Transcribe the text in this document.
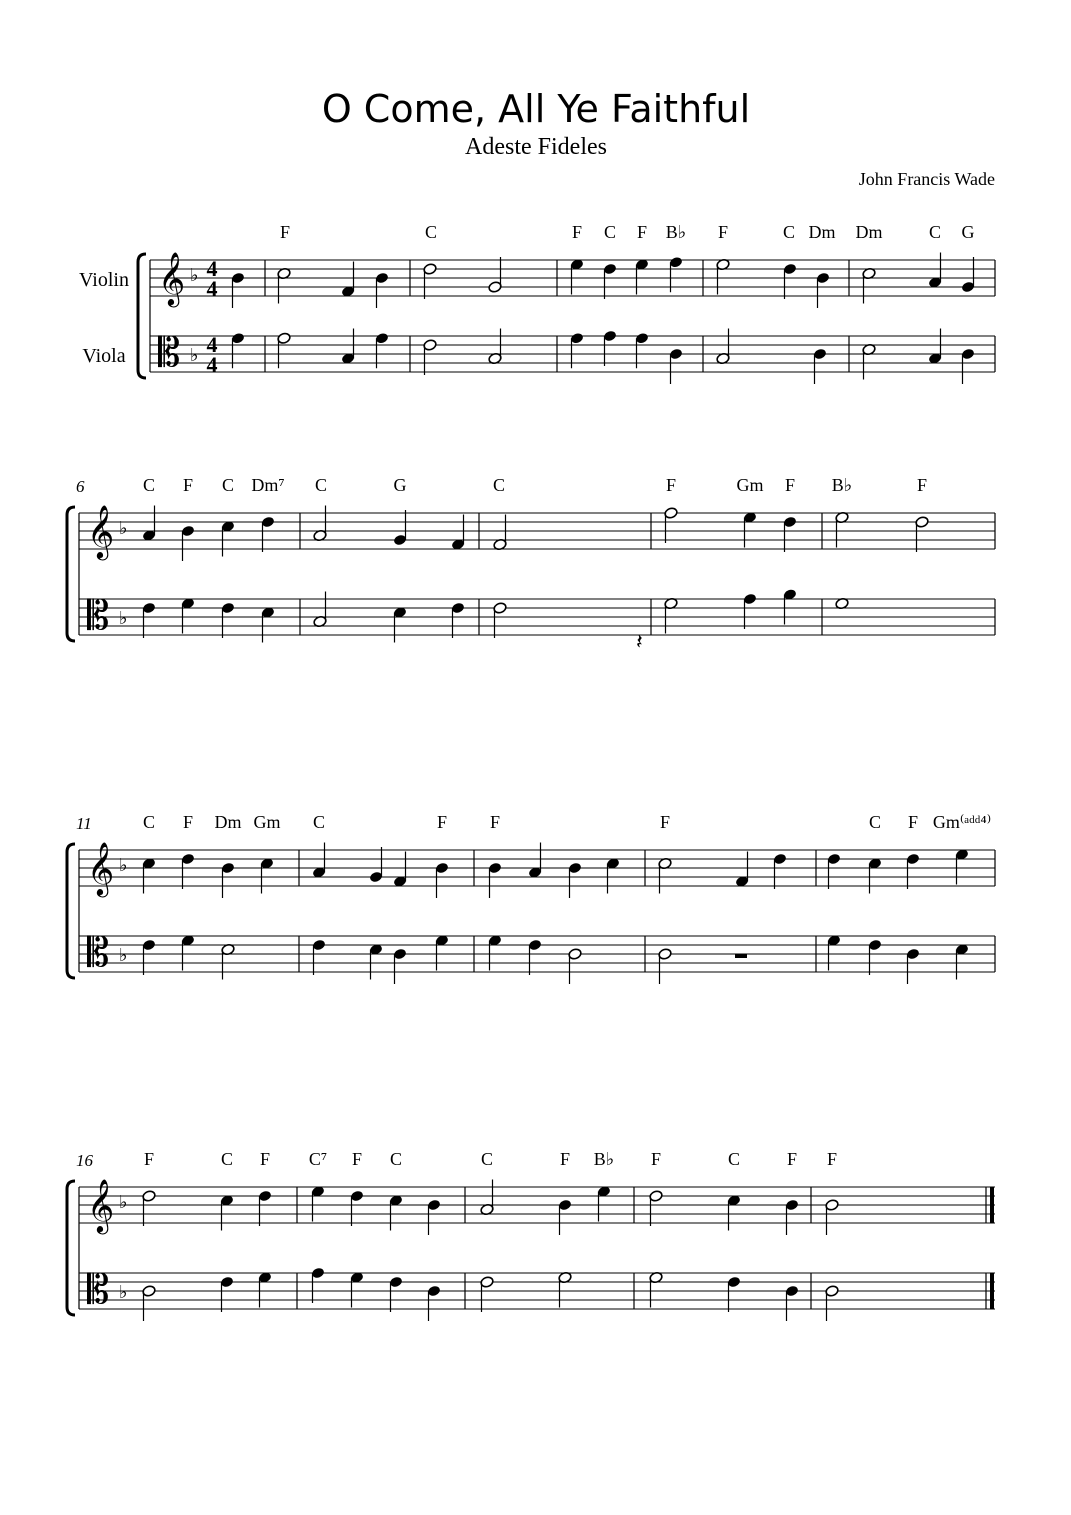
O Come, All Ye Faithful
Adeste Fideles
John Francis Wade
Violin
Viola
6
11
16
F	C	F C F B♭ F	C Dm Dm	C G
C F C Dm⁷ C	G	C	F	Gm F B♭	F
C F Dm Gm C	F F	F	C F Gm⁽ᵃᵈᵈ⁴⁾
F	C F C⁷ F C	C	F B♭ F	C	F F
4
4
4
4
𝄞
𝄡
♭
♭
𝄞
𝄡
♭
♭
𝄞
𝄡
♭
♭
𝄞
𝄡
♭
♭
𝄽
